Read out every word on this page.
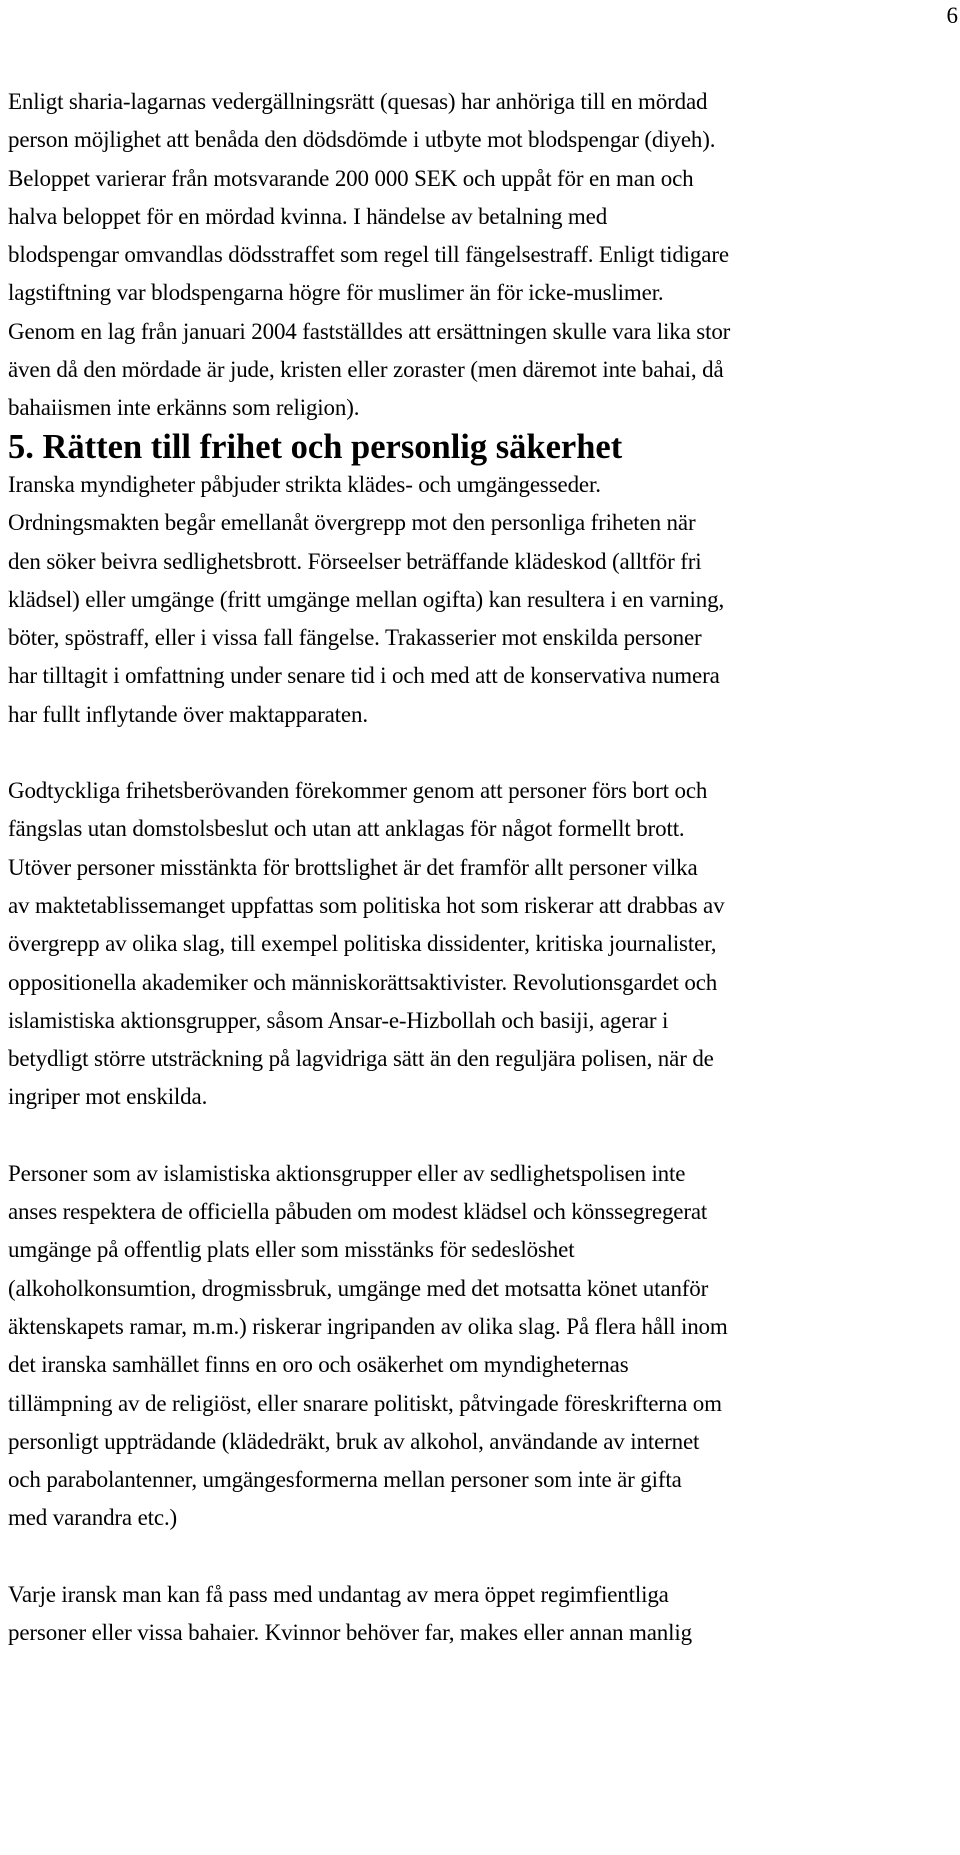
6

Enligt sharia-lagarnas vedergällningsrätt (quesas) har anhöriga till en mördad
person möjlighet att benåda den dödsdömde i utbyte mot blodspengar (diyeh).
Beloppet varierar från motsvarande 200 000 SEK och uppåt för en man och
halva beloppet för en mördad kvinna. I händelse av betalning med
blodspengar omvandlas dödsstraffet som regel till fängelsestraff. Enligt tidigare
lagstiftning var blodspengarna högre för muslimer än för icke-muslimer.
Genom en lag från januari 2004 fastställdes att ersättningen skulle vara lika stor
även då den mördade är jude, kristen eller zoraster (men däremot inte bahai, då
bahaiismen inte erkänns som religion).

5. Rätten till frihet och personlig säkerhet

Iranska myndigheter påbjuder strikta klädes- och umgängesseder.
Ordningsmakten begår emellanåt övergrepp mot den personliga friheten när
den söker beivra sedlighetsbrott. Förseelser beträffande klädeskod (alltför fri
klädsel) eller umgänge (fritt umgänge mellan ogifta) kan resultera i en varning,
böter, spöstraff, eller i vissa fall fängelse. Trakasserier mot enskilda personer
har tilltagit i omfattning under senare tid i och med att de konservativa numera
har fullt inflytande över maktapparaten.

Godtyckliga frihetsberövanden förekommer genom att personer förs bort och
fängslas utan domstolsbeslut och utan att anklagas för något formellt brott.
Utöver personer misstänkta för brottslighet är det framför allt personer vilka
av maktetablissemanget uppfattas som politiska hot som riskerar att drabbas av
övergrepp av olika slag, till exempel politiska dissidenter, kritiska journalister,
oppositionella akademiker och människorättsaktivister. Revolutionsgardet och
islamistiska aktionsgrupper, såsom Ansar-e-Hizbollah och basiji, agerar i
betydligt större utsträckning på lagvidriga sätt än den reguljära polisen, när de
ingriper mot enskilda.

Personer som av islamistiska aktionsgrupper eller av sedlighetspolisen inte
anses respektera de officiella påbuden om modest klädsel och könssegregerat
umgänge på offentlig plats eller som misstänks för sedeslöshet
(alkoholkonsumtion, drogmissbruk, umgänge med det motsatta könet utanför
äktenskapets ramar, m.m.) riskerar ingripanden av olika slag. På flera håll inom
det iranska samhället finns en oro och osäkerhet om myndigheternas
tillämpning av de religiöst, eller snarare politiskt, påtvingade föreskrifterna om
personligt uppträdande (klädedräkt, bruk av alkohol, användande av internet
och parabolantenner, umgängesformerna mellan personer som inte är gifta
med varandra etc.)

Varje iransk man kan få pass med undantag av mera öppet regimfientliga
personer eller vissa bahaier. Kvinnor behöver far, makes eller annan manlig
